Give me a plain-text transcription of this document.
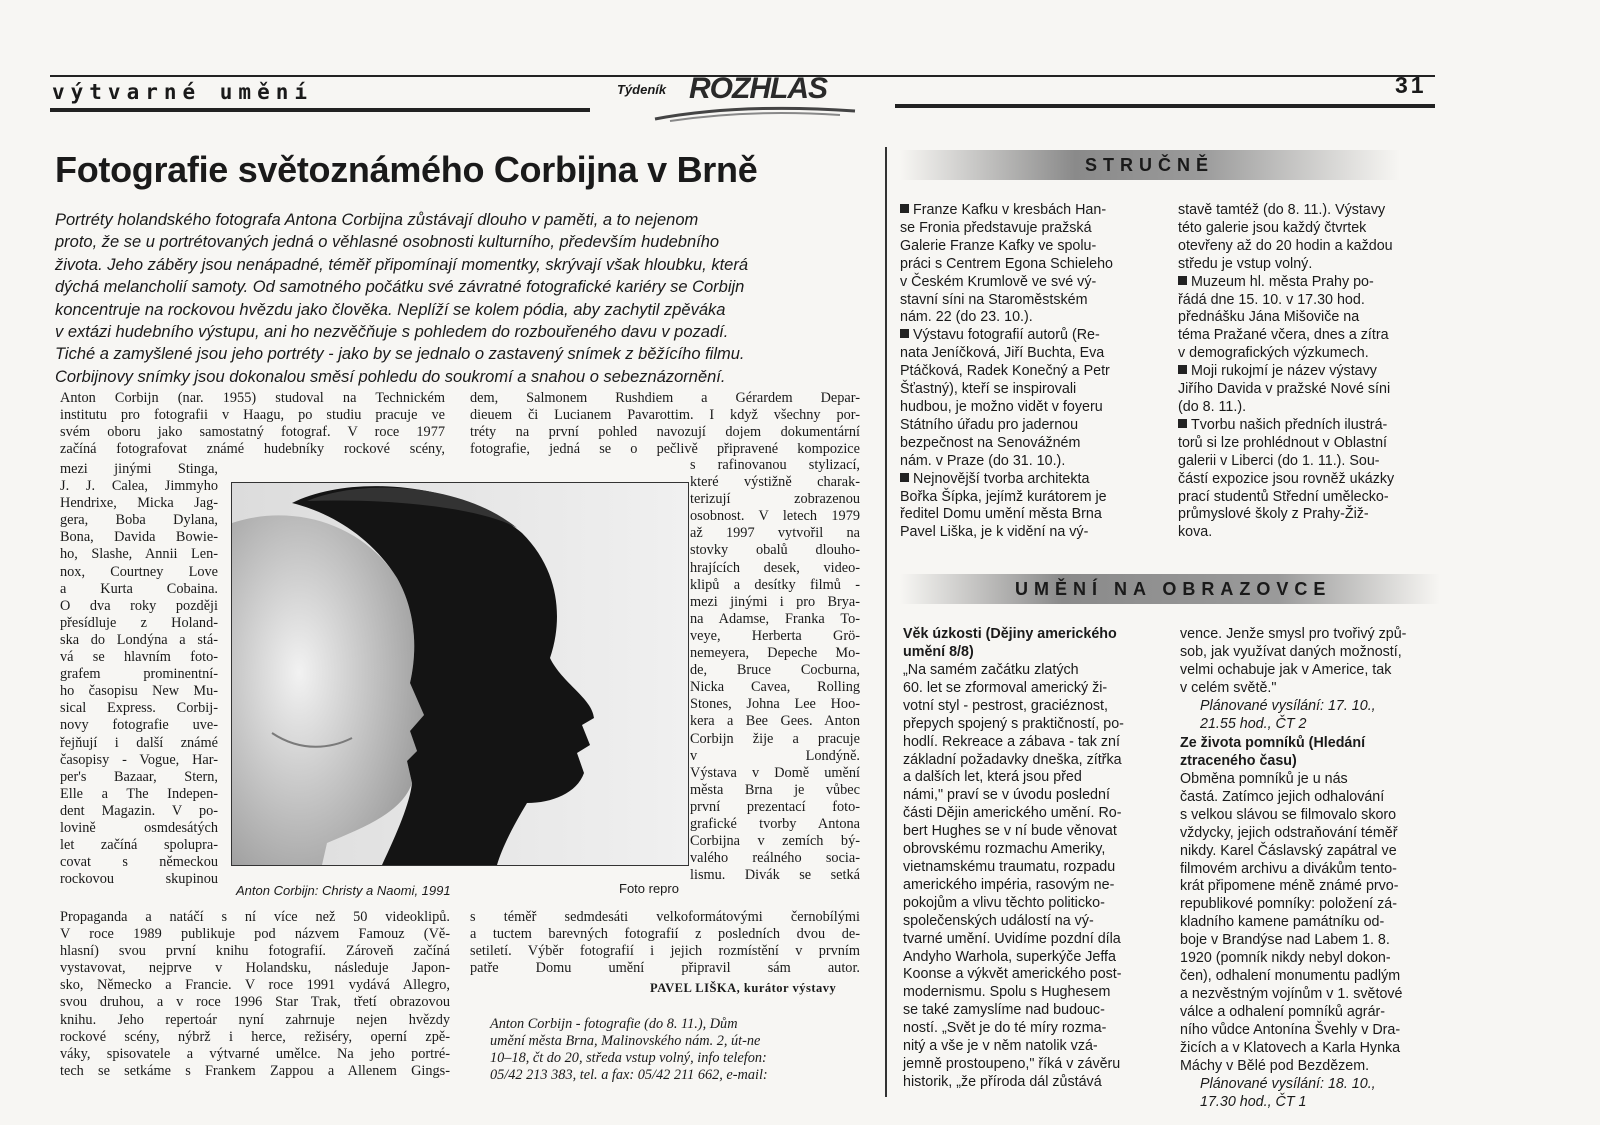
výtvarné umění	Týdeník ROZHLAS	31
Fotografie světoznámého Corbijna v Brně
Portréty holandského fotografa Antona Corbijna zůstávají dlouho v paměti, a to nejenom
proto, že se u portrétovaných jedná o věhlasné osobnosti kulturního, především hudebního
života. Jeho záběry jsou nenápadné, téměř připomínají momentky, skrývají však hloubku, která
dýchá melancholií samoty. Od samotného počátku své závratné fotografické kariéry se Corbijn
koncentruje na rockovou hvězdu jako člověka. Neplíží se kolem pódia, aby zachytil zpěváka
v extázi hudebního výstupu, ani ho nezvěčňuje s pohledem do rozbouřeného davu v pozadí.
Tiché a zamyšlené jsou jeho portréty - jako by se jednalo o zastavený snímek z běžícího filmu.
Corbijnovy snímky jsou dokonalou směsí pohledu do soukromí a snahou o sebeznázornění.
Anton Corbijn (nar. 1955) studoval na Technickém
institutu pro fotografii v Haagu, po studiu pracuje ve
svém oboru jako samostatný fotograf. V roce 1977
začíná fotografovat známé hudebníky rockové scény,
mezi jinými Stinga,
J. J. Calea, Jimmyho
Hendrixe, Micka Jag-
gera, Boba Dylana,
Bona, Davida Bowie-
ho, Slashe, Annii Len-
nox, Courtney Love
a Kurta Cobaina.
O dva roky později
přesídluje z Holand-
ska do Londýna a stá-
vá se hlavním foto-
grafem prominentní-
ho časopisu New Mu-
sical Express. Corbij-
novy fotografie uve-
řejňují i další známé
časopisy - Vogue, Har-
per's Bazaar, Stern,
Elle a The Indepen-
dent Magazin. V po-
lovině osmdesátých
let začíná spolupra-
covat s německou
rockovou skupinou
Propaganda a natáčí s ní více než 50 videoklipů.
V roce 1989 publikuje pod názvem Famouz (Vě-
hlasní) svou první knihu fotografií. Zároveň začíná
vystavovat, nejprve v Holandsku, následuje Japon-
sko, Německo a Francie. V roce 1991 vydává Allegro,
svou druhou, a v roce 1996 Star Trak, třetí obrazovou
knihu. Jeho repertoár nyní zahrnuje nejen hvězdy
rockové scény, nýbrž i herce, režiséry, operní zpě-
váky, spisovatele a výtvarné umělce. Na jeho portré-
tech se setkáme s Frankem Zappou a Allenem Gings-
dem, Salmonem Rushdiem a Gérardem Depar-
dieuem či Lucianem Pavarottim. I když všechny por-
tréty na první pohled navozují dojem dokumentární
fotografie, jedná se o pečlivě připravené kompozice
s rafinovanou stylizací,
které výstižně charak-
terizují zobrazenou
osobnost. V letech 1979
až 1997 vytvořil na
stovky obalů dlouho-
hrajících desek, video-
klipů a desítky filmů -
mezi jinými i pro Brya-
na Adamse, Franka To-
veye, Herberta Grö-
nemeyera, Depeche Mo-
de, Bruce Cocburna,
Nicka Cavea, Rolling
Stones, Johna Lee Hoo-
kera a Bee Gees. Anton
Corbijn žije a pracuje
v Londýně.
Výstava v Domě umění
města Brna je vůbec
první prezentací foto-
grafické tvorby Antona
Corbijna v zemích bý-
valého reálného socia-
lismu. Divák se setká
s téměř sedmdesáti velkoformátovými černobílými
a tuctem barevných fotografií z posledních dvou de-
setiletí. Výběr fotografií i jejich rozmístění v prvním
patře Domu umění připravil sám autor.
PAVEL LIŠKA, kurátor výstavy
Anton Corbijn - fotografie (do 8. 11.), Dům
umění města Brna, Malinovského nám. 2, út-ne
10–18, čt do 20, středa vstup volný, info telefon:
05/42 213 383, tel. a fax: 05/42 211 662, e-mail:
Anton Corbijn: Christy a Naomi, 1991	Foto repro
STRUČNĚ
Franze Kafku v kresbách Han-
se Fronia představuje pražská
Galerie Franze Kafky ve spolu-
práci s Centrem Egona Schieleho
v Českém Krumlově ve své vý-
stavní síni na Staroměstském
nám. 22 (do 23. 10.).
Výstavu fotografií autorů (Re-
nata Jeníčková, Jiří Buchta, Eva
Ptáčková, Radek Konečný a Petr
Šťastný), kteří se inspirovali
hudbou, je možno vidět v foyeru
Státního úřadu pro jadernou
bezpečnost na Senovážném
nám. v Praze (do 31. 10.).
Nejnovější tvorba architekta
Bořka Šípka, jejímž kurátorem je
ředitel Domu umění města Brna
Pavel Liška, je k vidění na vý-
stavě tamtéž (do 8. 11.). Výstavy
této galerie jsou každý čtvrtek
otevřeny až do 20 hodin a každou
středu je vstup volný.
Muzeum hl. města Prahy po-
řádá dne 15. 10. v 17.30 hod.
přednášku Jána Mišoviče na
téma Pražané včera, dnes a zítra
v demografických výzkumech.
Moji rukojmí je název výstavy
Jiřího Davida v pražské Nové síni
(do 8. 11.).
Tvorbu našich předních ilustrá-
torů si lze prohlédnout v Oblastní
galerii v Liberci (do 1. 11.). Sou-
částí expozice jsou rovněž ukázky
prací studentů Střední umělecko-
průmyslové školy z Prahy-Žiž-
kova.
UMĚNÍ NA OBRAZOVCE
Věk úzkosti (Dějiny amerického
umění 8/8)
„Na samém začátku zlatých
60. let se zformoval americký ži-
votní styl - pestrost, graciéznost,
přepych spojený s praktičností, po-
hodlí. Rekreace a zábava - tak zní
základní požadavky dneška, zítřka
a dalších let, která jsou před
námi," praví se v úvodu poslední
části Dějin amerického umění. Ro-
bert Hughes se v ní bude věnovat
obrovskému rozmachu Ameriky,
vietnamskému traumatu, rozpadu
amerického impéria, rasovým ne-
pokojům a vlivu těchto politicko-
společenských událostí na vý-
tvarné umění. Uvidíme pozdní díla
Andyho Warhola, superkýče Jeffa
Koonse a výkvět amerického post-
modernismu. Spolu s Hughesem
se také zamyslíme nad budouc-
ností. „Svět je do té míry rozma-
nitý a vše je v něm natolik vzá-
jemně prostoupeno," říká v závěru
historik, „že příroda dál zůstává
vence. Jenže smysl pro tvořivý způ-
sob, jak využívat daných možností,
velmi ochabuje jak v Americe, tak
v celém světě."
Plánované vysílání: 17. 10.,
21.55 hod., ČT 2
Ze života pomníků (Hledání
ztraceného času)
Obměna pomníků je u nás
častá. Zatímco jejich odhalování
s velkou slávou se filmovalo skoro
vždycky, jejich odstraňování téměř
nikdy. Karel Čáslavský zapátral ve
filmovém archivu a divákům tento-
krát připomene méně známé prvo-
republikové pomníky: položení zá-
kladního kamene památníku od-
boje v Brandýse nad Labem 1. 8.
1920 (pomník nikdy nebyl dokon-
čen), odhalení monumentu padlým
a nezvěstným vojínům v 1. světové
válce a odhalení pomníků agrár-
ního vůdce Antonína Švehly v Dra-
žicích a v Klatovech a Karla Hynka
Máchy v Bělé pod Bezdězem.
Plánované vysílání: 18. 10.,
17.30 hod., ČT 1
